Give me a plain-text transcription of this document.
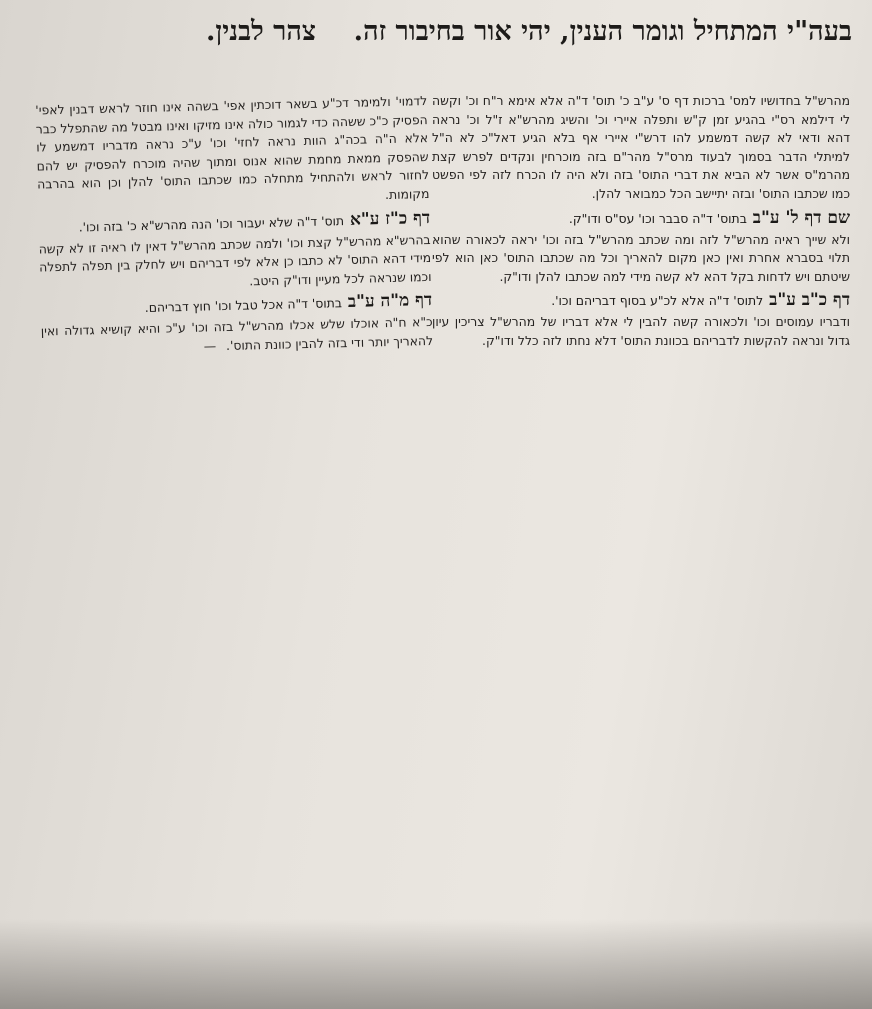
בעה"י המתחיל וגומר הענין, יהי אור בחיבור זה.    צהר לבנין.

מהרש"ל בחדושיו למס' ברכות דף ס' ע"ב כ' תוס' ד"ה אלא אימא ר"ח וכ' וקשה לי דילמא רס"י בהגיע זמן ק"ש ותפלה איירי וכ' והשיג מהרש"א ז"ל וכ' נראה דהא ודאי לא קשה דמשמע להו דרש"י איירי אף בלא הגיע דאל"כ לא ה"ל למיתלי הדבר בסמוך לבעוד מרס"ל מהר"ם בזה מוכרחין ונקדים לפרש קצת מהרמ"ס אשר לא הביא את דברי התוס' בזה ולא היה לו הכרח לזה לפי הפשט כמו שכתבו התוס' ובזה יתיישב הכל כמבואר להלן.

שם דף ל' ע"ב בתוס' ד"ה סבבר וכו' עס"ס ודו"ק.

ולא שייך ראיה מהרש"ל לזה ומה שכתב מהרש"ל בזה וכו' יראה לכאורה שהוא תלוי בסברא אחרת ואין כאן מקום להאריך וכל מה שכתבו התוס' כאן הוא לפי שיטתם ויש לדחות בקל דהא לא קשה מידי למה שכתבו להלן ודו"ק.

דף כ"ב ע"ב לתוס' ד"ה אלא לכ"ע בסוף דבריהם וכו'.

ודבריו עמוסים וכו' ולכאורה קשה להבין לי אלא דבריו של מהרש"ל צריכין עיון גדול ונראה להקשות לדבריהם בכוונת התוס' דלא נחתו לזה כלל ודו"ק.

לדמוי' ולמימר דכ"ע בשאר דוכתין אפי' בשהה אינו חוזר לראש דבנין לאפי' הפסיק כ"כ ששהה כדי לגמור כולה אינו מזיקו ואינו מבטל מה שהתפלל כבר אלא ה"ה בכה"ג הוות נראה לחזי' וכו' ע"כ נראה מדבריו דמשמע לו שהפסק ממאת מחמת שהוא אנוס ומתוך שהיה מוכרח להפסיק יש להם לחזור לראש ולהתחיל מתחלה כמו שכתבו התוס' להלן וכן הוא בהרבה מקומות.

דף כ"ז ע"א תוס' ד"ה שלא יעבור וכו' הנה מהרש"א כ' בזה וכו'.

בהרש"א מהרש"ל קצת וכו' ולמה שכתב מהרש"ל דאין לו ראיה זו לא קשה מידי דהא התוס' לא כתבו כן אלא לפי דבריהם ויש לחלק בין תפלה לתפלה וכמו שנראה לכל מעיין ודו"ק היטב.

דף מ"ה ע"ב בתוס' ד"ה אכל טבל וכו' חוץ דבריהם.

כ"א ח"ה אוכלו שלש אכלו מהרש"ל בזה וכו' ע"כ והיא קושיא גדולה ואין להאריך יותר ודי בזה להבין כוונת התוס'. —
